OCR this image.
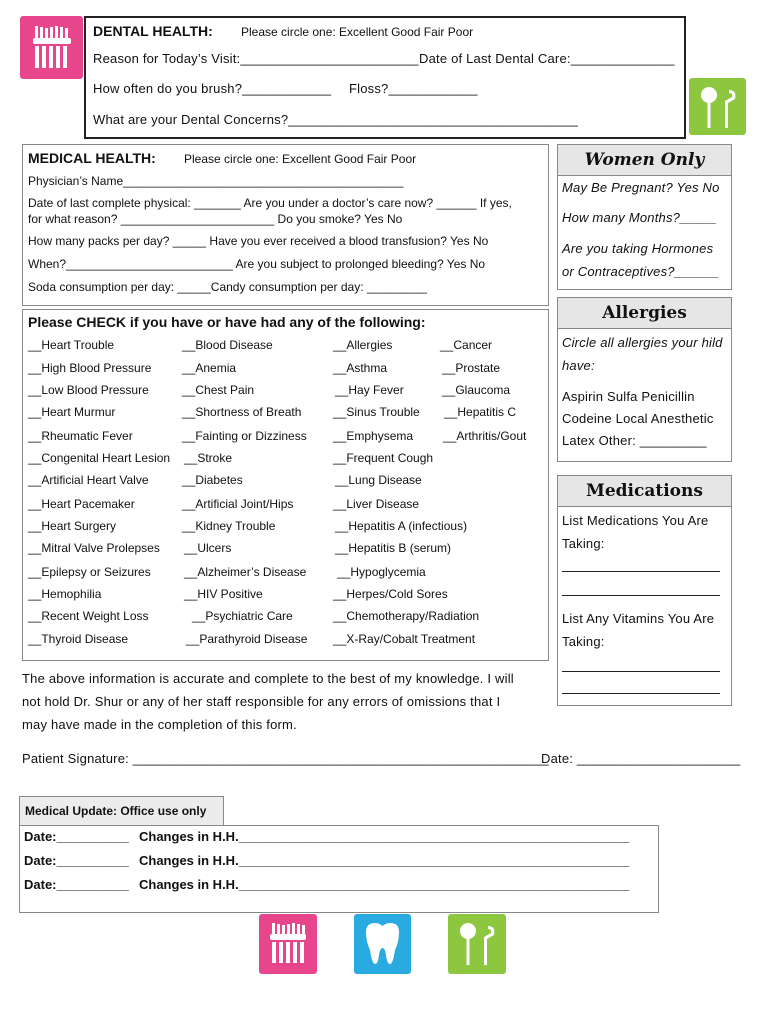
DENTAL HEALTH: Please circle one: Excellent Good Fair Poor
Reason for Today’s Visit:________________________ Date of Last Dental Care:______________
How often do you brush?____________ Floss?____________
What are your Dental Concerns?_______________________________________
MEDICAL HEALTH: Please circle one: Excellent Good Fair Poor
Physician’s Name__________________________________________
Date of last complete physical: _______ Are you under a doctor’s care now? ______ If yes,
for what reason? _______________________ Do you smoke? Yes No
How many packs per day? _____ Have you ever received a blood transfusion? Yes No
When?_________________________ Are you subject to prolonged bleeding? Yes No
Soda consumption per day: _____Candy consumption per day: _________
Please CHECK if you have or have had any of the following:
__Heart Trouble
__High Blood Pressure
__Low Blood Pressure
__Heart Murmur
__Rheumatic Fever
__Congenital Heart Lesion
__Artificial Heart Valve
__Heart Pacemaker
__Heart Surgery
__Mitral Valve Prolepses
__Epilepsy or Seizures
__Hemophilia
__Recent Weight Loss
__Thyroid Disease
__Blood Disease
__Anemia
__Chest Pain
__Shortness of Breath
__Fainting or Dizziness
__Stroke
__Diabetes
__Artificial Joint/Hips
__Kidney Trouble
__Ulcers
__Alzheimer’s Disease
__HIV Positive
__Psychiatric Care
__Parathyroid Disease
__Allergies
__Asthma
__Hay Fever
__Sinus Trouble
__Emphysema
__Frequent Cough
__Lung Disease
__Liver Disease
__Hepatitis A (infectious)
__Hepatitis B (serum)
__Hypoglycemia
__Herpes/Cold Sores
__Chemotherapy/Radiation
__X-Ray/Cobalt Treatment
__Cancer
__Prostate
__Glaucoma
__Hepatitis C
__Arthritis/Gout
Women Only
May Be Pregnant? Yes No
How many Months?_____
Are you taking Hormones
or Contraceptives?______
Allergies
Circle all allergies your hild
have:
Aspirin Sulfa Penicillin
Codeine Local Anesthetic
Latex Other: _________
Medications
List Medications You Are
Taking:
List Any Vitamins You Are
Taking:
The above information is accurate and complete to the best of my knowledge. I will
not hold Dr. Shur or any of her staff responsible for any errors of omissions that I
may have made in the completion of this form.
Patient Signature: ________________________________________________________
Date: ______________________
Medical Update: Office use only
Date:__________ Changes in H.H.______________________________________________________
Date:__________ Changes in H.H.______________________________________________________
Date:__________ Changes in H.H.______________________________________________________
